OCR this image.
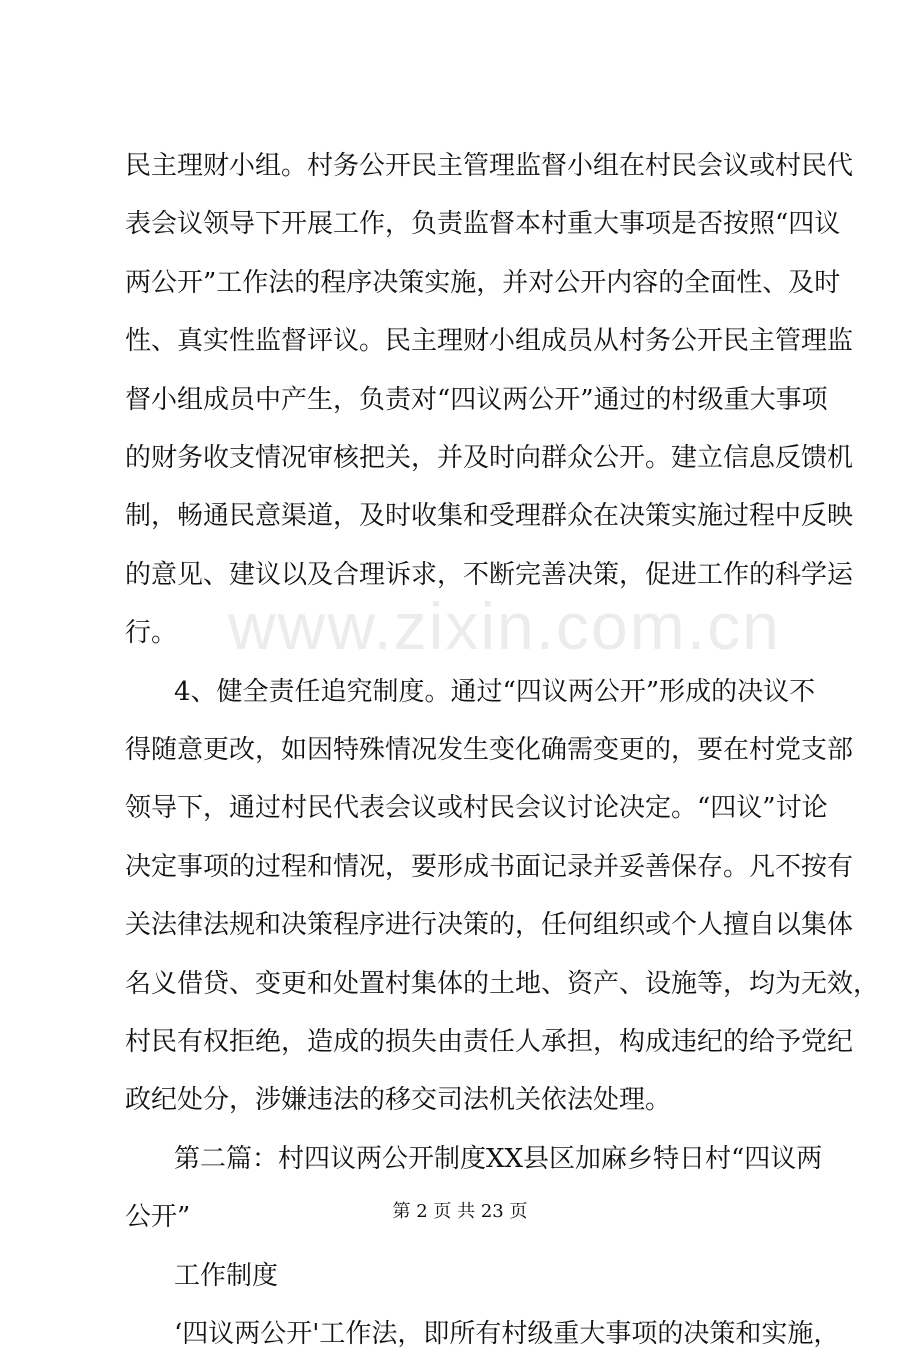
www.zixin.com.cn
民主理财小组。村务公开民主管理监督小组在村民会议或村民代
表会议领导下开展工作，负责监督本村重大事项是否按照“四议
两公开”工作法的程序决策实施，并对公开内容的全面性、及时
性、真实性监督评议。民主理财小组成员从村务公开民主管理监
督小组成员中产生，负责对“四议两公开”通过的村级重大事项
的财务收支情况审核把关，并及时向群众公开。建立信息反馈机
制，畅通民意渠道，及时收集和受理群众在决策实施过程中反映
的意见、建议以及合理诉求，不断完善决策，促进工作的科学运
行。
4、健全责任追究制度。通过“四议两公开”形成的决议不
得随意更改，如因特殊情况发生变化确需变更的，要在村党支部
领导下，通过村民代表会议或村民会议讨论决定。“四议”讨论
决定事项的过程和情况，要形成书面记录并妥善保存。凡不按有
关法律法规和决策程序进行决策的，任何组织或个人擅自以集体
名义借贷、变更和处置村集体的土地、资产、设施等，均为无效，
村民有权拒绝，造成的损失由责任人承担，构成违纪的给予党纪
政纪处分，涉嫌违法的移交司法机关依法处理。
第二篇：村四议两公开制度XX县区加麻乡特日村“四议两
公开”
工作制度
‘四议两公开'工作法，即所有村级重大事项的决策和实施，
第 2 页 共 23 页
